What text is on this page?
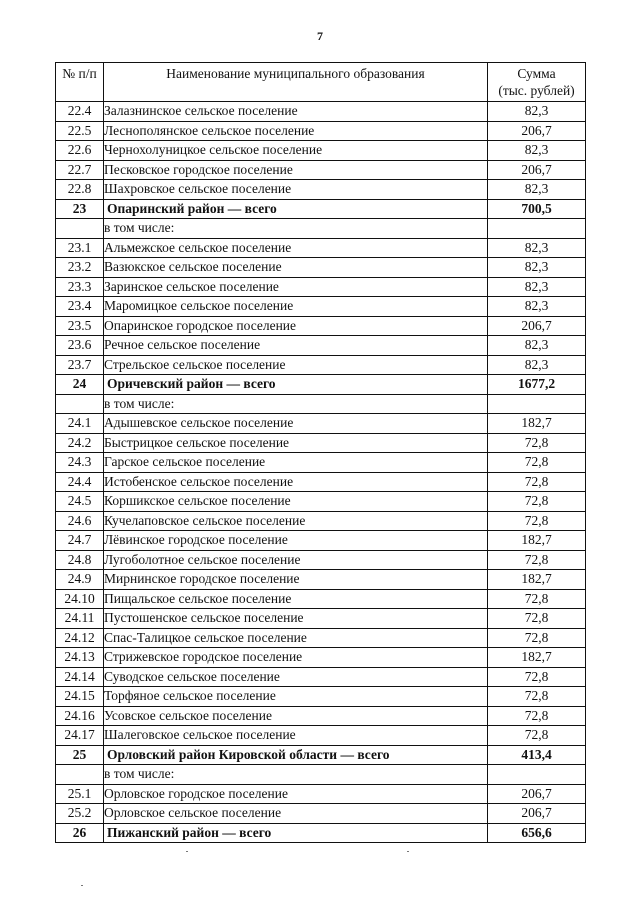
7
№ п/п	Наименование муниципального образования	Сумма
(тыс. рублей)

22.4	Залазнинское сельское поселение	82,3
22.5	Леснополянское сельское поселение	206,7
22.6	Чернохолуницкое сельское поселение	82,3
22.7	Песковское городское поселение	206,7
22.8	Шахровское сельское поселение	82,3
23	Опаринский район — всего	700,5
	в том числе:	
23.1	Альмежское сельское поселение	82,3
23.2	Вазюкское сельское поселение	82,3
23.3	Заринское сельское поселение	82,3
23.4	Маромицкое сельское поселение	82,3
23.5	Опаринское городское поселение	206,7
23.6	Речное сельское поселение	82,3
23.7	Стрельское сельское поселение	82,3
24	Оричевский район — всего	1677,2
	в том числе:	
24.1	Адышевское сельское поселение	182,7
24.2	Быстрицкое сельское поселение	72,8
24.3	Гарское сельское поселение	72,8
24.4	Истобенское сельское поселение	72,8
24.5	Коршикское сельское поселение	72,8
24.6	Кучелаповское сельское поселение	72,8
24.7	Лёвинское городское поселение	182,7
24.8	Лугоболотное сельское поселение	72,8
24.9	Мирнинское городское поселение	182,7
24.10	Пищальское сельское поселение	72,8
24.11	Пустошенское сельское поселение	72,8
24.12	Спас-Талицкое сельское поселение	72,8
24.13	Стрижевское городское поселение	182,7
24.14	Суводское сельское поселение	72,8
24.15	Торфяное сельское поселение	72,8
24.16	Усовское сельское поселение	72,8
24.17	Шалеговское сельское поселение	72,8
25	Орловский район Кировской области — всего	413,4
	в том числе:	
25.1	Орловское городское поселение	206,7
25.2	Орловское сельское поселение	206,7
26	Пижанский район — всего	656,6
